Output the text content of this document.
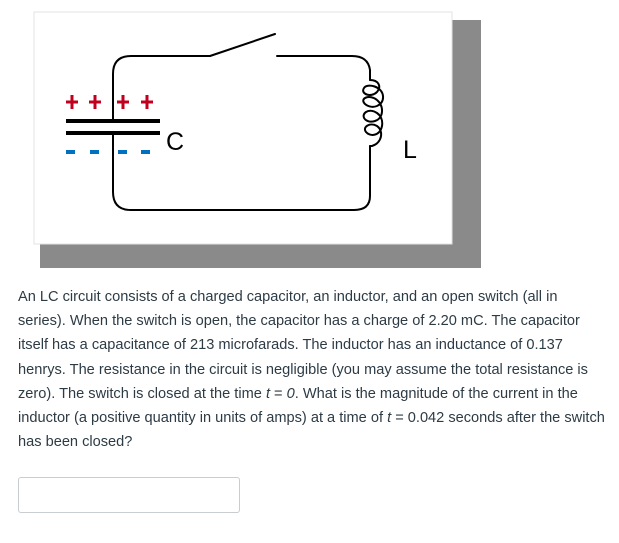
C	L

An LC circuit consists of a charged capacitor, an inductor, and an open switch (all in series). When the switch is open, the capacitor has a charge of 2.20 mC. The capacitor itself has a capacitance of 213 microfarads. The inductor has an inductance of 0.137 henrys. The resistance in the circuit is negligible (you may assume the total resistance is zero). The switch is closed at the time t = 0. What is the magnitude of the current in the inductor (a positive quantity in units of amps) at a time of t = 0.042 seconds after the switch has been closed?
